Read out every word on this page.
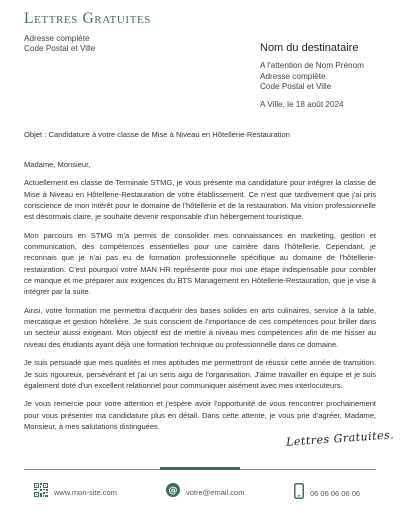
Lettres Gratuites
Adresse complète
Code Postal et Ville	Nom du destinataire
A l'attention de Nom Prénom
Adresse complète
Code Postal et Ville
A Ville, le 18 août 2024
Objet : Candidature à votre classe de Mise à Niveau en Hôtellerie-Restauration

Madame, Monsieur,

Actuellement en classe de Terminale STMG, je vous présente ma candidature pour intégrer la classe de Mise à Niveau en Hôtellerie-Restauration de votre établissement. Ce n'est que tardivement que j'ai pris conscience de mon intérêt pour le domaine de l'hôtellerie et de la restauration. Ma vision professionnelle est désormais claire, je souhaite devenir responsable d'un hébergement touristique.

Mon parcours en STMG m'a permis de consolider mes connaissances en marketing, gestion et communication, des compétences essentielles pour une carrière dans l'hôtellerie. Cependant, je reconnais que je n'ai pas eu de formation professionnelle spécifique au domaine de l'hôtellerie-restauration. C'est pourquoi votre MAN HR représente pour moi une étape indispensable pour combler ce manque et me préparer aux exigences du BTS Management en Hôtellerie-Restauration, que je vise à intégrer par la suite.

Ainsi, votre formation me permettra d'acquérir des bases solides en arts culinaires, service à la table, mercatique et gestion hôtelière. Je suis conscient de l'importance de ces compétences pour briller dans un secteur aussi exigeant. Mon objectif est de mettre à niveau mes compétences afin de me hisser au niveau des étudiants ayant déjà une formation technique ou professionnelle dans ce domaine.

Je suis persuadé que mes qualités et mes aptitudes me permettront de réussir cette année de transition. Je suis rigoureux, persévérant et j'ai un sens aigu de l'organisation. J'aime travailler en équipe et je suis également doté d'un excellent relationnel pour communiquer aisément avec mes interlocuteurs.

Je vous remercie pour votre attention et j'espère avoir l'opportunité de vous rencontrer prochainement pour vous présenter ma candidature plus en détail. Dans cette attente, je vous prie d'agréer, Madame, Monsieur, à mes salutations distinguées.

Lettres Gratuites.
www.mon-site.com	@ votre@email.com	06 06 06 06 06
